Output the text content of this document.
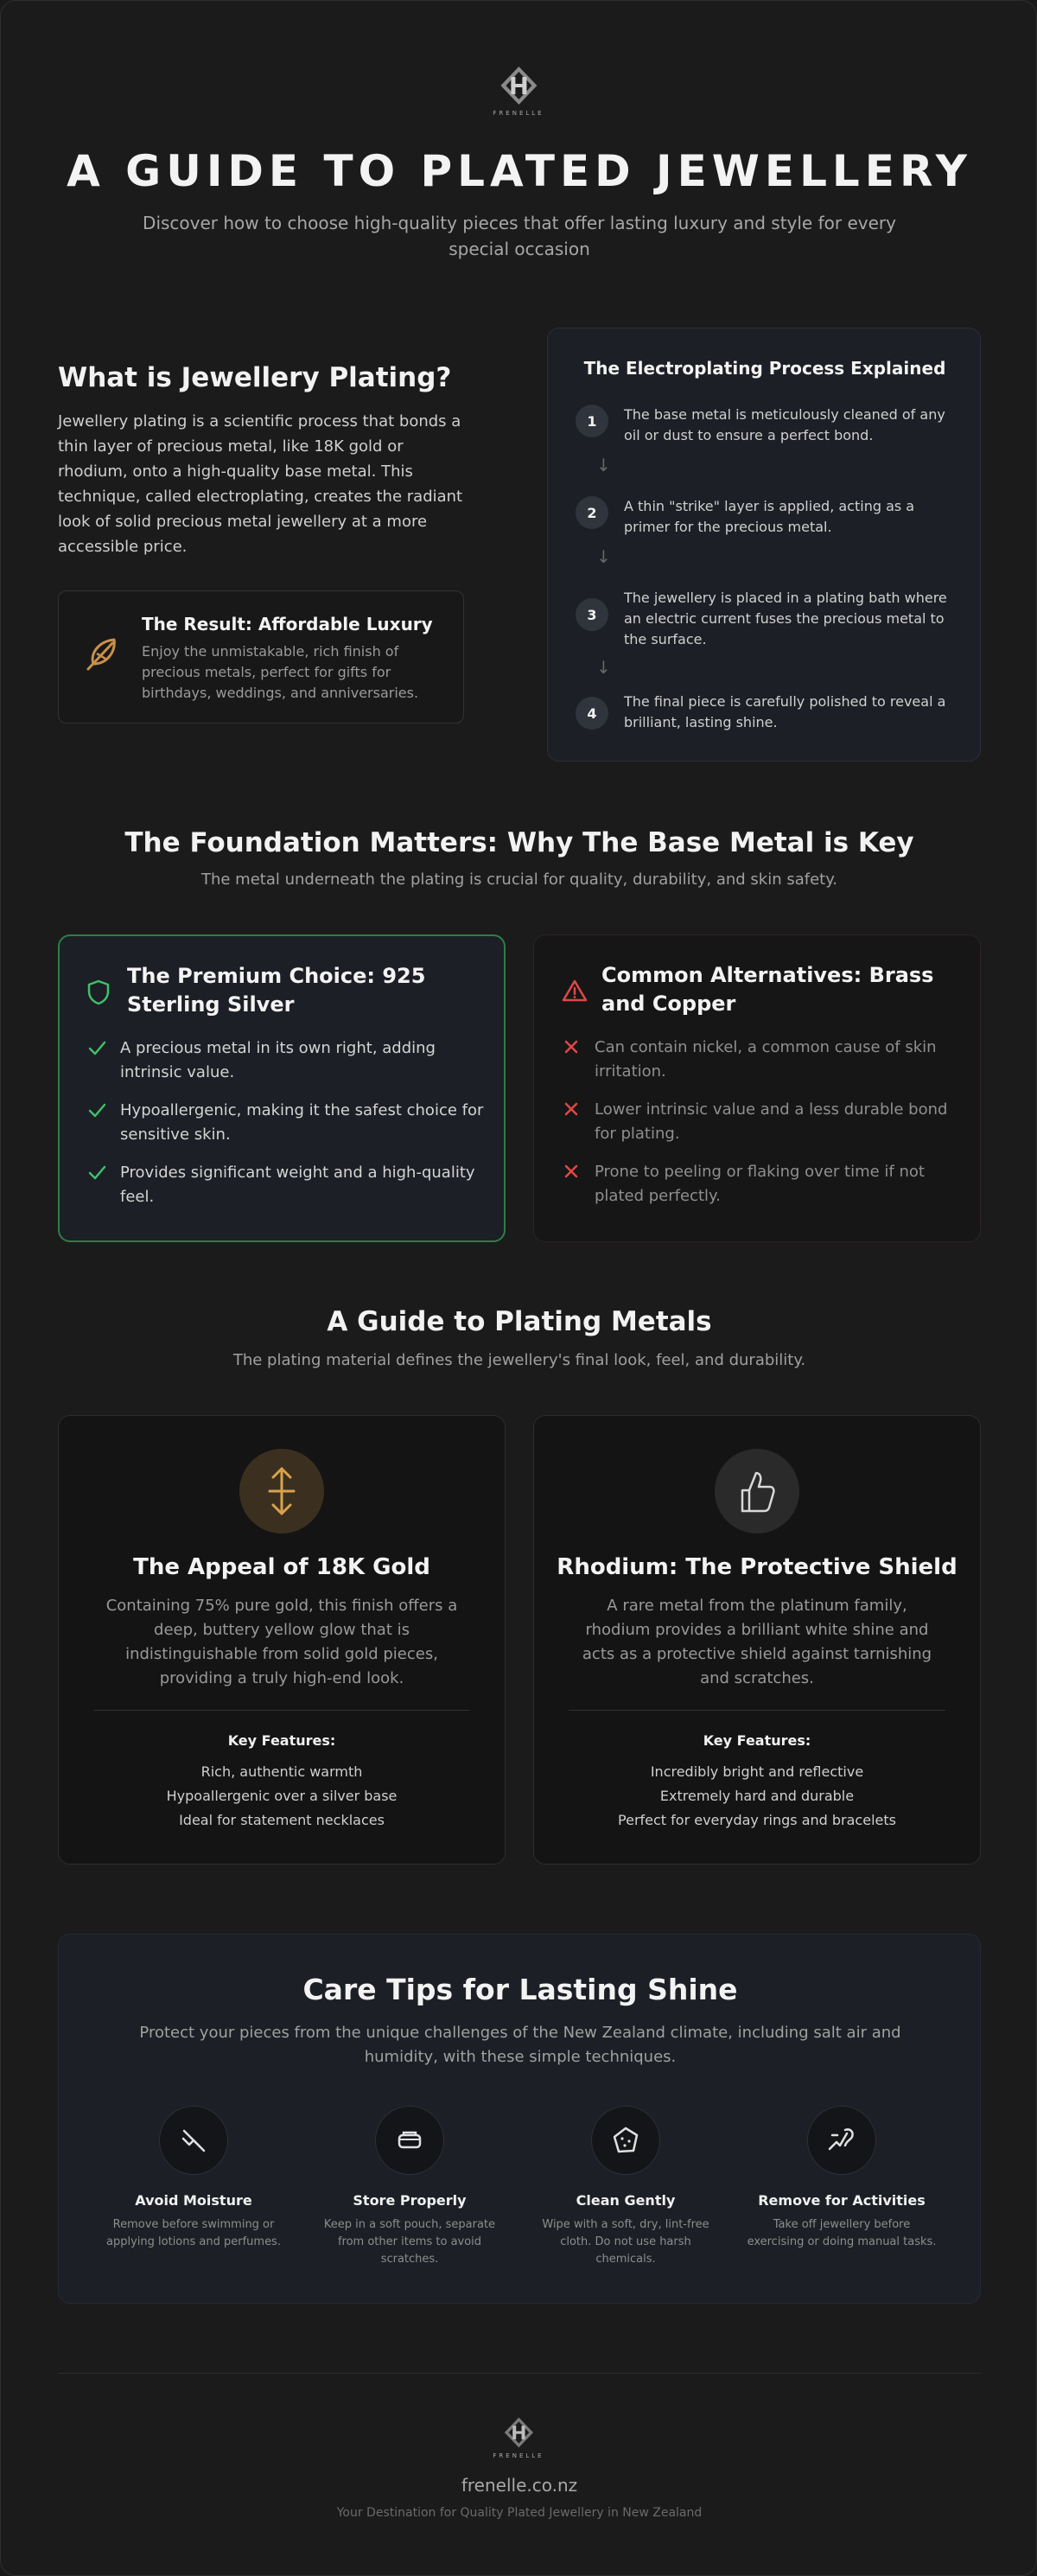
FRENELLE
A GUIDE TO PLATED JEWELLERY

Discover how to choose high-quality pieces that offer lasting luxury and style for every special occasion

What is Jewellery Plating?

Jewellery plating is a scientific process that bonds a thin layer of precious metal, like 18K gold or rhodium, onto a high-quality base metal. This technique, called electroplating, creates the radiant look of solid precious metal jewellery at a more accessible price.

The Result: Affordable Luxury
Enjoy the unmistakable, rich finish of precious metals, perfect for gifts for birthdays, weddings, and anniversaries.
The Electroplating Process Explained
1	The base metal is meticulously cleaned of any oil or dust to ensure a perfect bond.
↓
2	A thin "strike" layer is applied, acting as a primer for the precious metal.
↓
3
The jewellery is placed in a plating bath where an electric current fuses the precious metal to the surface.
↓
4
The final piece is carefully polished to reveal a brilliant, lasting shine.
The Foundation Matters: Why The Base Metal is Key

The metal underneath the plating is crucial for quality, durability, and skin safety.

The Premium Choice: 925 Sterling Silver
A precious metal in its own right, adding intrinsic value.
Hypoallergenic, making it the safest choice for sensitive skin.
Provides significant weight and a high-quality feel.
Common Alternatives: Brass and Copper
Can contain nickel, a common cause of skin irritation.
Lower intrinsic value and a less durable bond for plating.
Prone to peeling or flaking over time if not plated perfectly.
A Guide to Plating Metals

The plating material defines the jewellery's final look, feel, and durability.

The Appeal of 18K Gold
Containing 75% pure gold, this finish offers a deep, buttery yellow glow that is indistinguishable from solid gold pieces, providing a truly high-end look.
Key Features:
Rich, authentic warmth
Hypoallergenic over a silver base
Ideal for statement necklaces
Rhodium: The Protective Shield
A rare metal from the platinum family, rhodium provides a brilliant white shine and acts as a protective shield against tarnishing and scratches.
Key Features:
Incredibly bright and reflective
Extremely hard and durable
Perfect for everyday rings and bracelets
Care Tips for Lasting Shine

Protect your pieces from the unique challenges of the New Zealand climate, including salt air and humidity, with these simple techniques.

Avoid Moisture
Remove before swimming or applying lotions and perfumes.
Store Properly
Keep in a soft pouch, separate from other items to avoid scratches.
Clean Gently
Wipe with a soft, dry, lint-free cloth. Do not use harsh chemicals.
Remove for Activities
Take off jewellery before exercising or doing manual tasks.
FRENELLE
frenelle.co.nz
Your Destination for Quality Plated Jewellery in New Zealand
